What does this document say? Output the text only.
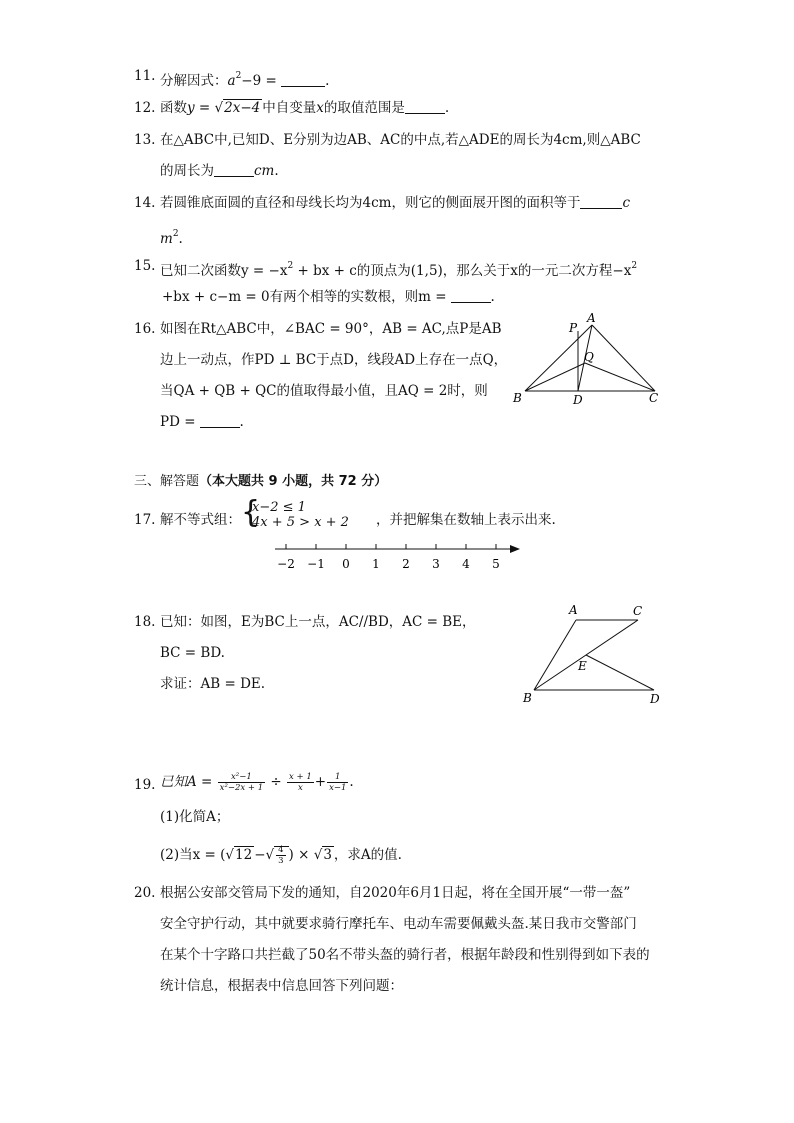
11. 分解因式：$a^2-9$ =	.
12. 函数y = √2x−4 中自变量x的取值范围是	.
13. 在△ABC中,已知D、E分别为边AB、AC的中点,若△ADE的周长为4cm,则△ABC
的周长为	cm.
14. 若圆锥底面圆的直径和母线长均为4cm，则它的侧面展开图的面积等于	c
$m^2$.
15. 已知二次函数$y = -x^2$ + bx + c的顶点为(1,5)，那么关于x的一元二次方程$-x^2$
+bx + c−m = 0有两个相等的实数根，则m =	.
16. 如图在Rt△ABC中，∠BAC = 90°，AB = AC,点P是AB
边上一动点，作PD ⊥ BC于点D，线段AD上存在一点Q，
当QA + QB + QC的值取得最小值，且AQ = 2时，则
PD =	.
A
P
Q
B	D	C
三、解答题（本大题共 9 小题，共 72 分）
17. 解不等式组： {
x−2 ≤ 1
4x + 5 > x + 2 ，并把解集在数轴上表示出来.
−2 −1 0 1 2 3 4 5
18. 已知：如图，E为BC上一点，AC//BD，AC = BE，
BC = BD.
求证：AB = DE.
A	C
E
B	D
19. 已知$A = \frac{\text{x²−1}}{\text{x²−2x + 1}} \div \frac{x + 1}{x} + \frac{1}{x-1}$ .
(1)化简A；
(2)当x = (√12 −√ $\frac{4}{3}$ ) × √3 ，求A的值.
20. 根据公安部交管局下发的通知，自2020年6月1日起，将在全国开展“一带一盔”
安全守护行动，其中就要求骑行摩托车、电动车需要佩戴头盔.某日我市交警部门
在某个十字路口共拦截了50名不带头盔的骑行者，根据年龄段和性别得到如下表的
统计信息，根据表中信息回答下列问题：
